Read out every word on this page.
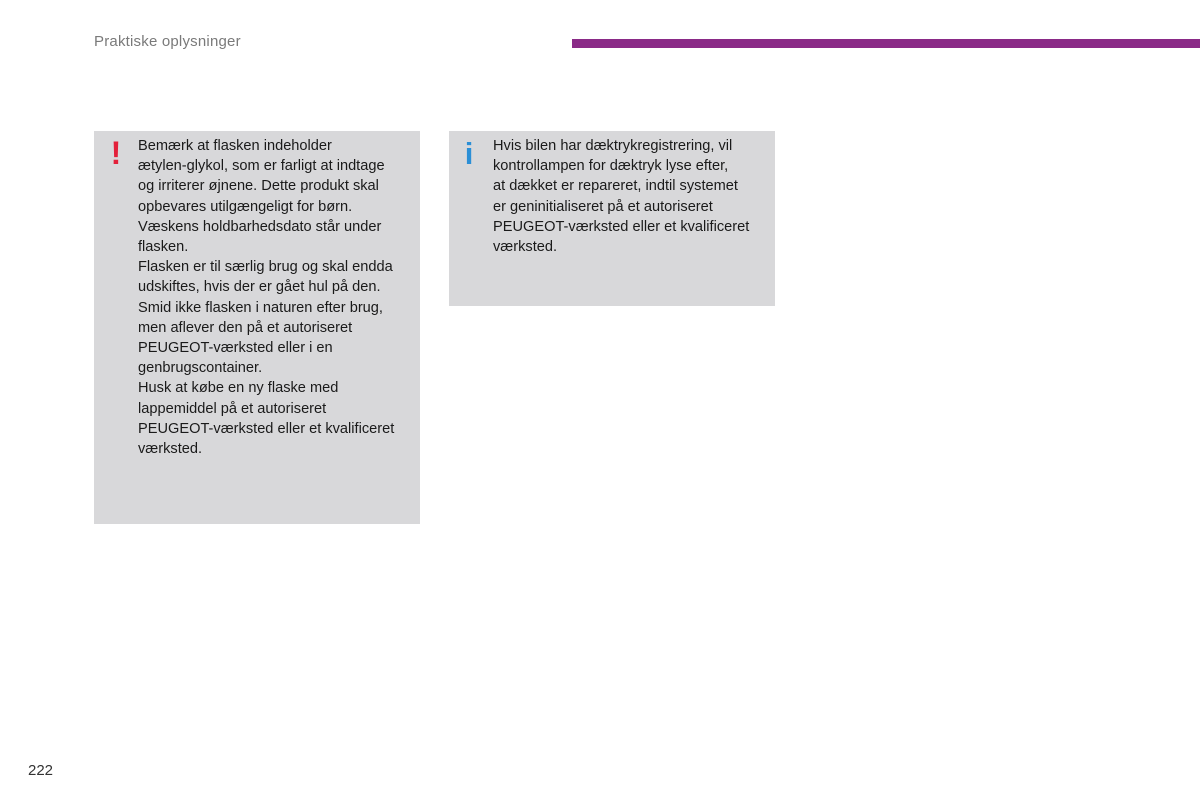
Praktiske oplysninger
! Bemærk at flasken indeholder
ætylen-glykol, som er farligt at indtage
og irriterer øjnene. Dette produkt skal
opbevares utilgængeligt for børn.
Væskens holdbarhedsdato står under
flasken.

Flasken er til særlig brug og skal endda
udskiftes, hvis der er gået hul på den.

Smid ikke flasken i naturen efter brug,
men aflever den på et autoriseret
PEUGEOT-værksted eller i en
genbrugscontainer.

Husk at købe en ny flaske med
lappemiddel på et autoriseret
PEUGEOT-værksted eller et kvalificeret
værksted.

i Hvis bilen har dæktrykregistrering, vil
kontrollampen for dæktryk lyse efter,
at dækket er repareret, indtil systemet
er geninitialiseret på et autoriseret
PEUGEOT-værksted eller et kvalificeret
værksted.

222
